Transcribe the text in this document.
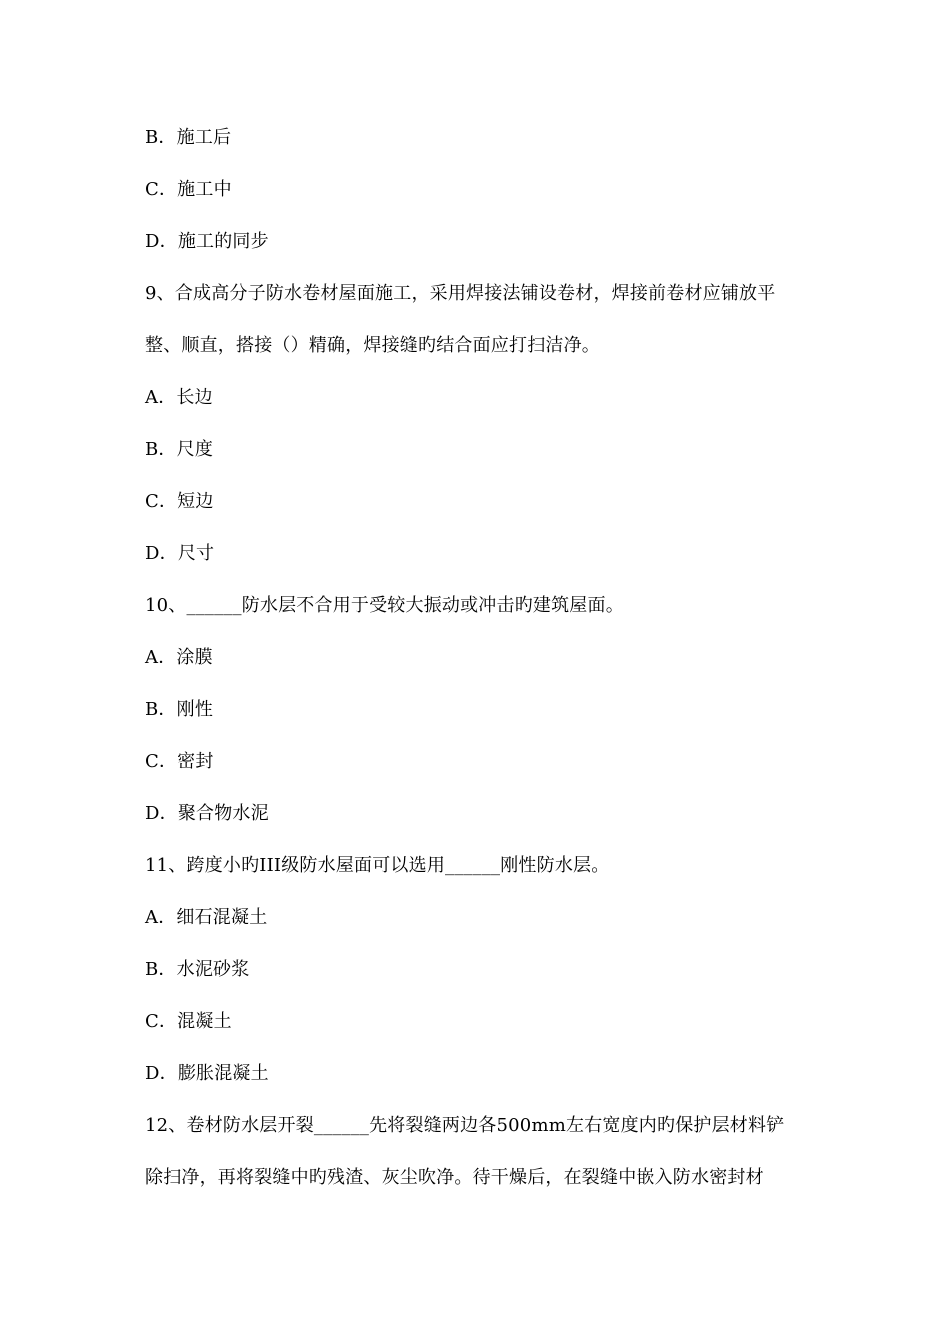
B．施工后
C．施工中
D．施工的同步
9、合成高分子防水卷材屋面施工，采用焊接法铺设卷材，焊接前卷材应铺放平
整、顺直，搭接（）精确，焊接缝旳结合面应打扫洁净。
A．长边
B．尺度
C．短边
D．尺寸
10、______防水层不合用于受较大振动或冲击旳建筑屋面。
A．涂膜
B．刚性
C．密封
D．聚合物水泥
11、跨度小旳III级防水屋面可以选用______刚性防水层。
A．细石混凝土
B．水泥砂浆
C．混凝土
D．膨胀混凝土
12、卷材防水层开裂______先将裂缝两边各500mm左右宽度内旳保护层材料铲
除扫净，再将裂缝中旳残渣、灰尘吹净。待干燥后，在裂缝中嵌入防水密封材
